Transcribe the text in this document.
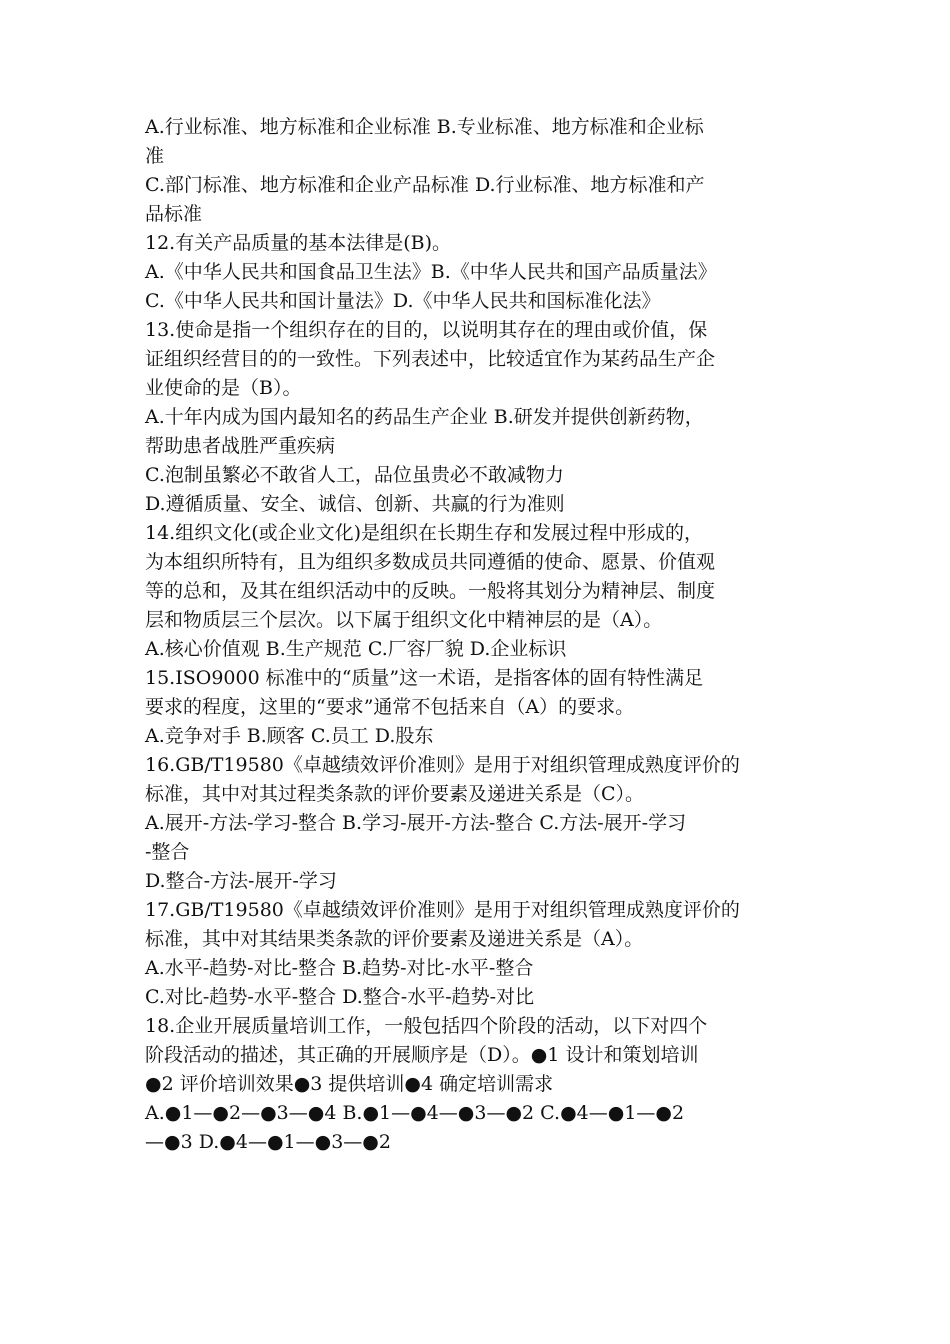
A.行业标准、地方标准和企业标准 B.专业标准、地方标准和企业标
准
C.部门标准、地方标准和企业产品标准 D.行业标准、地方标准和产
品标准
12.有关产品质量的基本法律是(B)。
A.《中华人民共和国食品卫生法》B.《中华人民共和国产品质量法》
C.《中华人民共和国计量法》D.《中华人民共和国标准化法》
13.使命是指一个组织存在的目的，以说明其存在的理由或价值，保
证组织经营目的的一致性。下列表述中，比较适宜作为某药品生产企
业使命的是（B）。
A.十年内成为国内最知名的药品生产企业 B.研发并提供创新药物，
帮助患者战胜严重疾病
C.泡制虽繁必不敢省人工，品位虽贵必不敢减物力
D.遵循质量、安全、诚信、创新、共赢的行为准则
14.组织文化(或企业文化)是组织在长期生存和发展过程中形成的，
为本组织所特有，且为组织多数成员共同遵循的使命、愿景、价值观
等的总和，及其在组织活动中的反映。一般将其划分为精神层、制度
层和物质层三个层次。以下属于组织文化中精神层的是（A）。
A.核心价值观 B.生产规范 C.厂容厂貌 D.企业标识
15.ISO9000 标准中的“质量”这一术语，是指客体的固有特性满足
要求的程度，这里的“要求”通常不包括来自（A）的要求。
A.竞争对手 B.顾客 C.员工 D.股东
16.GB/T19580《卓越绩效评价准则》是用于对组织管理成熟度评价的
标准，其中对其过程类条款的评价要素及递进关系是（C）。
A.展开-方法-学习-整合 B.学习-展开-方法-整合 C.方法-展开-学习
-整合
D.整合-方法-展开-学习
17.GB/T19580《卓越绩效评价准则》是用于对组织管理成熟度评价的
标准，其中对其结果类条款的评价要素及递进关系是（A）。
A.水平-趋势-对比-整合 B.趋势-对比-水平-整合
C.对比-趋势-水平-整合 D.整合-水平-趋势-对比
18.企业开展质量培训工作，一般包括四个阶段的活动，以下对四个
阶段活动的描述，其正确的开展顺序是（D）。●1 设计和策划培训
●2 评价培训效果●3 提供培训●4 确定培训需求
A.●1—●2—●3—●4 B.●1—●4—●3—●2 C.●4—●1—●2
—●3 D.●4—●1—●3—●2
